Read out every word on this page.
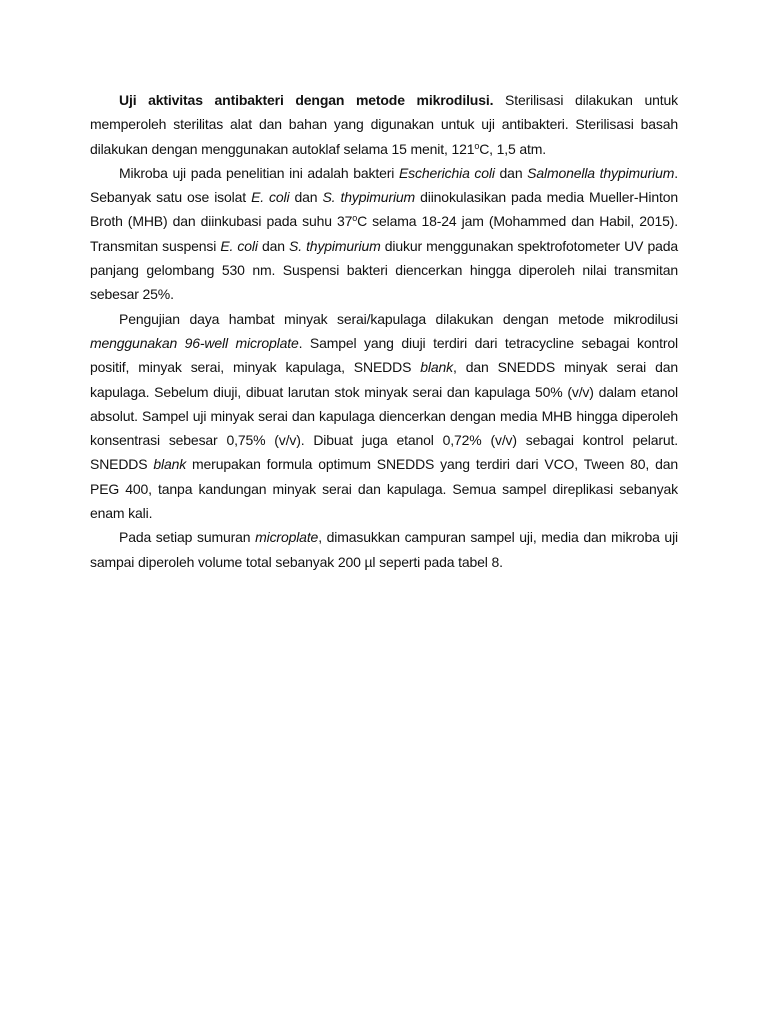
Uji aktivitas antibakteri dengan metode mikrodilusi. Sterilisasi dilakukan untuk memperoleh sterilitas alat dan bahan yang digunakan untuk uji antibakteri. Sterilisasi basah dilakukan dengan menggunakan autoklaf selama 15 menit, 121$^o$C, 1,5 atm.

Mikroba uji pada penelitian ini adalah bakteri Escherichia coli dan Salmonella thypimurium. Sebanyak satu ose isolat E. coli dan S. thypimurium diinokulasikan pada media Mueller-Hinton Broth (MHB) dan diinkubasi pada suhu 37$^o$C selama 18-24 jam (Mohammed dan Habil, 2015). Transmitan suspensi E. coli dan S. thypimurium diukur menggunakan spektrofotometer UV pada panjang gelombang 530 nm. Suspensi bakteri diencerkan hingga diperoleh nilai transmitan sebesar 25%.

Pengujian daya hambat minyak serai/kapulaga dilakukan dengan metode mikrodilusi menggunakan 96-well microplate. Sampel yang diuji terdiri dari tetracycline sebagai kontrol positif, minyak serai, minyak kapulaga, SNEDDS blank, dan SNEDDS minyak serai dan kapulaga. Sebelum diuji, dibuat larutan stok minyak serai dan kapulaga 50% (v/v) dalam etanol absolut. Sampel uji minyak serai dan kapulaga diencerkan dengan media MHB hingga diperoleh konsentrasi sebesar 0,75% (v/v). Dibuat juga etanol 0,72% (v/v) sebagai kontrol pelarut. SNEDDS blank merupakan formula optimum SNEDDS yang terdiri dari VCO, Tween 80, dan PEG 400, tanpa kandungan minyak serai dan kapulaga. Semua sampel direplikasi sebanyak enam kali.

Pada setiap sumuran microplate, dimasukkan campuran sampel uji, media dan mikroba uji sampai diperoleh volume total sebanyak 200 µl seperti pada tabel 8.
